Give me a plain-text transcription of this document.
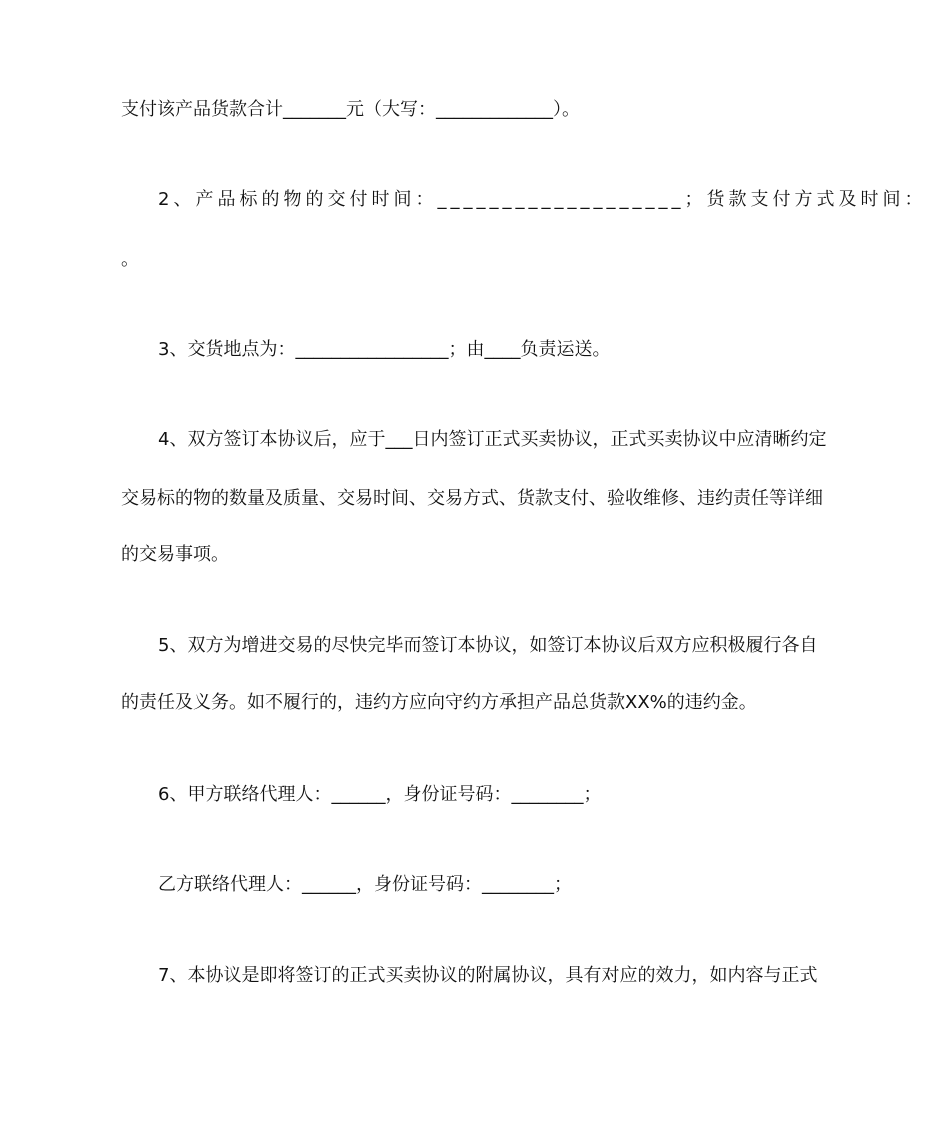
支付该产品货款合计_______元（大写：_____________）。
2、产品标的物的交付时间：___________________；货款支付方式及时间：
。
3、交货地点为：_________________；由____负责运送。
4、双方签订本协议后，应于___日内签订正式买卖协议，正式买卖协议中应清晰约定
交易标的物的数量及质量、交易时间、交易方式、货款支付、验收维修、违约责任等详细
的交易事项。
5、双方为增进交易的尽快完毕而签订本协议，如签订本协议后双方应积极履行各自
的责任及义务。如不履行的，违约方应向守约方承担产品总货款XX%的违约金。
6、甲方联络代理人：______，身份证号码：________；
乙方联络代理人：______，身份证号码：________；
7、本协议是即将签订的正式买卖协议的附属协议，具有对应的效力，如内容与正式
